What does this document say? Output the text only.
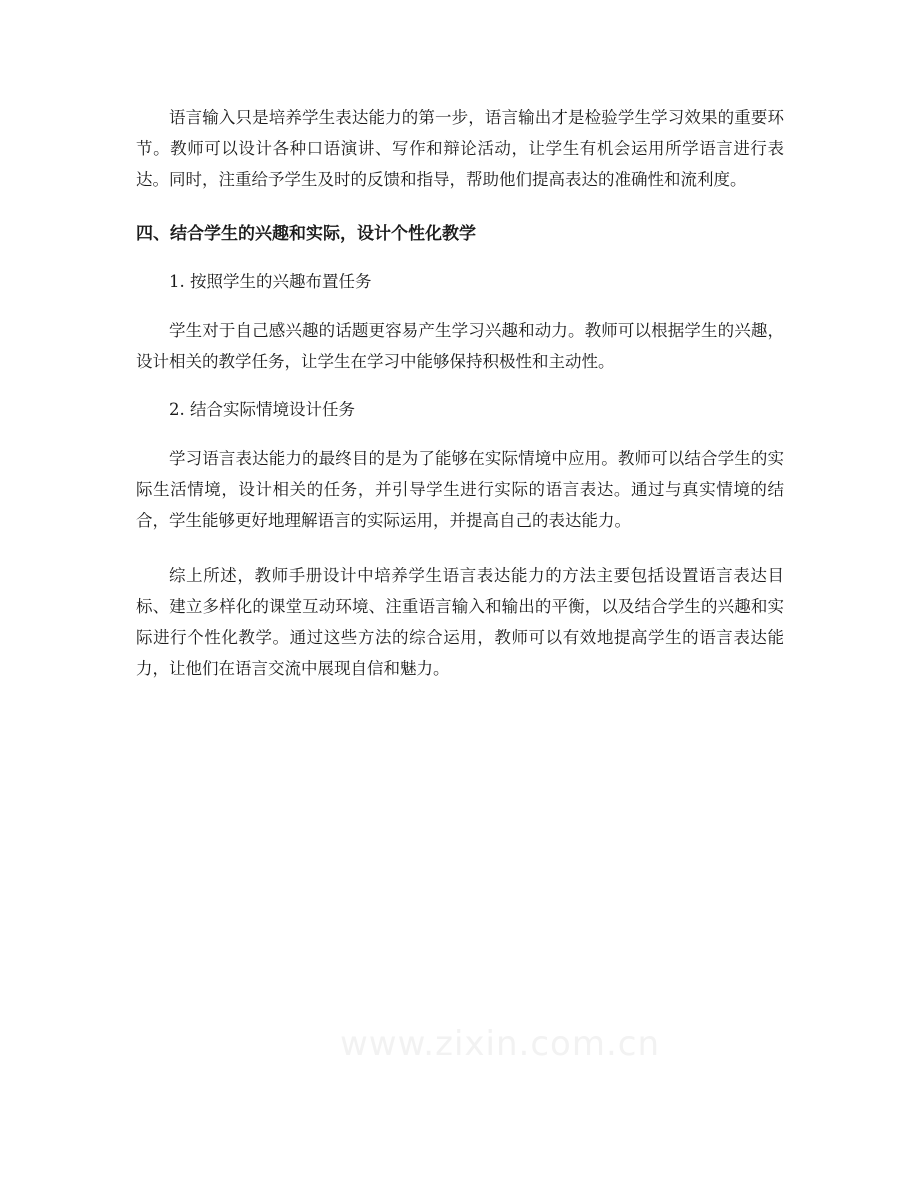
语言输入只是培养学生表达能力的第一步，语言输出才是检验学生学习效果的重要环节。教师可以设计各种口语演讲、写作和辩论活动，让学生有机会运用所学语言进行表达。同时，注重给予学生及时的反馈和指导，帮助他们提高表达的准确性和流利度。

四、结合学生的兴趣和实际，设计个性化教学
1. 按照学生的兴趣布置任务

学生对于自己感兴趣的话题更容易产生学习兴趣和动力。教师可以根据学生的兴趣，设计相关的教学任务，让学生在学习中能够保持积极性和主动性。

2. 结合实际情境设计任务

学习语言表达能力的最终目的是为了能够在实际情境中应用。教师可以结合学生的实际生活情境，设计相关的任务，并引导学生进行实际的语言表达。通过与真实情境的结合，学生能够更好地理解语言的实际运用，并提高自己的表达能力。

综上所述，教师手册设计中培养学生语言表达能力的方法主要包括设置语言表达目标、建立多样化的课堂互动环境、注重语言输入和输出的平衡，以及结合学生的兴趣和实际进行个性化教学。通过这些方法的综合运用，教师可以有效地提高学生的语言表达能力，让他们在语言交流中展现自信和魅力。

www.zixin.com.cn
